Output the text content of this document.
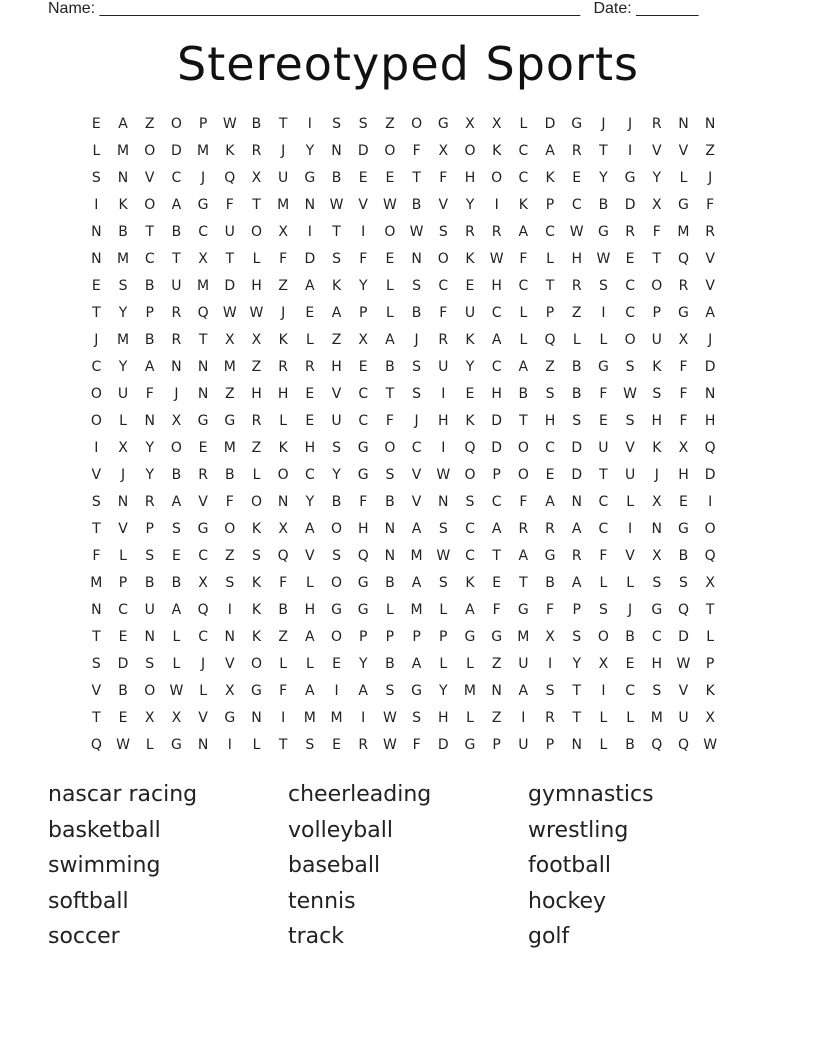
Name: ______________________________________________________ Date: _______
Stereotyped Sports
E	A	Z	O	P	W	B	T	I	S	S	Z	O	G	X	X	L	D	G	J	J	R	N	N
L	M	O	D	M	K	R	J	Y	N	D	O	F	X	O	K	C	A	R	T	I	V	V	Z
S	N	V	C	J	Q	X	U	G	B	E	E	T	F	H	O	C	K	E	Y	G	Y	L	J
I	K	O	A	G	F	T	M	N	W	V	W	B	V	Y	I	K	P	C	B	D	X	G	F
N	B	T	B	C	U	O	X	I	T	I	O	W	S	R	R	A	C	W	G	R	F	M	R
N	M	C	T	X	T	L	F	D	S	F	E	N	O	K	W	F	L	H	W	E	T	Q	V
E	S	B	U	M	D	H	Z	A	K	Y	L	S	C	E	H	C	T	R	S	C	O	R	V
T	Y	P	R	Q	W W	J	E	A	P	L	B	F	U	C	L	P	Z	I	C	P	G	A
J	M	B	R	T	X	X	K	L	Z	X	A	J	R	K	A	L	Q	L	L	O	U	X	J
C	Y	A	N	N	M	Z	R	R	H	E	B	S	U	Y	C	A	Z	B	G	S	K	F	D
O	U	F	J	N	Z	H	H	E	V	C	T	S	I	E	H	B	S	B	F	W	S	F	N
O	L	N	X	G	G	R	L	E	U	C	F	J	H	K	D	T	H	S	E	S	H	F	H
I	X	Y	O	E	M	Z	K	H	S	G	O	C	I	Q	D	O	C	D	U	V	K	X	Q
V	J	Y	B	R	B	L	O	C	Y	G	S	V	W	O	P	O	E	D	T	U	J	H	D
S	N	R	A	V	F	O	N	Y	B	F	B	V	N	S	C	F	A	N	C	L	X	E	I
T	V	P	S	G	O	K	X	A	O	H	N	A	S	C	A	R	R	A	C	I	N	G	O
F	L	S	E	C	Z	S	Q	V	S	Q	N	M W	C	T	A	G	R	F	V	X	B	Q
M	P	B	B	X	S	K	F	L	O	G	B	A	S	K	E	T	B	A	L	L	S	S	X
N	C	U	A	Q	I	K	B	H	G	G	L	M	L	A	F	G	F	P	S	J	G	Q	T
T	E	N	L	C	N	K	Z	A	O	P	P	P	P	G	G	M	X	S	O	B	C	D	L
S	D	S	L	J	V	O	L	L	E	Y	B	A	L	L	Z	U	I	Y	X	E	H	W	P
V	B	O	W	L	X	G	F	A	I	A	S	G	Y	M	N	A	S	T	I	C	S	V	K
T	E	X	X	V	G	N	I	M	M	I	W	S	H	L	Z	I	R	T	L	L	M	U	X
Q	W	L	G	N	I	L	T	S	E	R	W	F	D	G	P	U	P	N	L	B	Q	Q	W
nascar racing	cheerleading	gymnastics
basketball	volleyball	wrestling
swimming	baseball	football
softball	tennis	hockey
soccer	track	golf
